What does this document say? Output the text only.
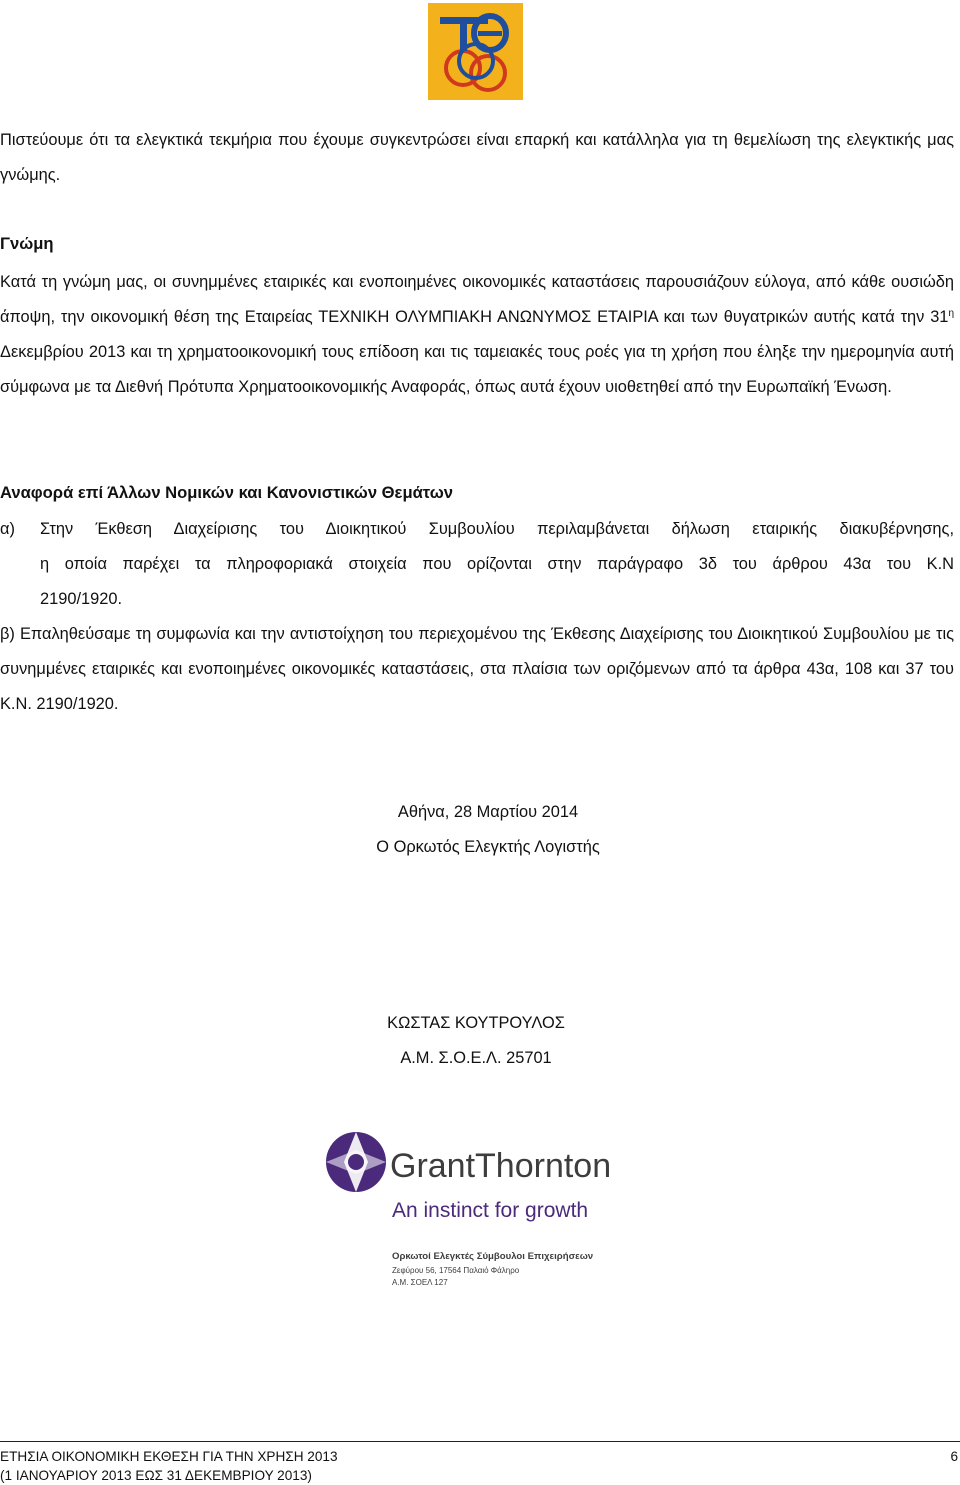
Πιστεύουμε ότι τα ελεγκτικά τεκμήρια που έχουμε συγκεντρώσει είναι επαρκή και κατάλληλα για τη θεμελίωση της ελεγκτικής μας γνώμης.
Γνώμη
Κατά τη γνώμη μας, οι συνημμένες εταιρικές και ενοποιημένες οικονομικές καταστάσεις παρουσιάζουν εύλογα, από κάθε ουσιώδη άποψη, την οικονομική θέση της Εταιρείας ΤΕΧΝΙΚΗ ΟΛΥΜΠΙΑΚΗ ΑΝΩΝΥΜΟΣ ΕΤΑΙΡΙΑ και των θυγατρικών αυτής κατά την $31^\eta$ Δεκεμβρίου 2013 και τη χρηματοοικονομική τους επίδοση και τις ταμειακές τους ροές για τη χρήση που έληξε την ημερομηνία αυτή σύμφωνα με τα Διεθνή Πρότυπα Χρηματοοικονομικής Αναφοράς, όπως αυτά έχουν υιοθετηθεί από την Ευρωπαϊκή Ένωση.
Αναφορά επί Άλλων Νομικών και Κανονιστικών Θεμάτων
α) Στην Έκθεση Διαχείρισης του Διοικητικού Συμβουλίου περιλαμβάνεται δήλωση εταιρικής διακυβέρνησης,
η οποία παρέχει τα πληροφοριακά στοιχεία που ορίζονται στην παράγραφο 3δ του άρθρου 43α του Κ.Ν
2190/1920.
β) Επαληθεύσαμε τη συμφωνία και την αντιστοίχηση του περιεχομένου της Έκθεσης Διαχείρισης του Διοικητικού Συμβουλίου με τις συνημμένες εταιρικές και ενοποιημένες οικονομικές καταστάσεις, στα πλαίσια των οριζόμενων από τα άρθρα 43α, 108 και 37 του Κ.Ν. 2190/1920.
Αθήνα, 28 Μαρτίου 2014
Ο Ορκωτός Ελεγκτής Λογιστής
ΚΩΣΤΑΣ ΚΟΥΤΡΟΥΛΟΣ
Α.Μ. Σ.Ο.Ε.Λ. 25701
GrantThornton
An instinct for growth
Ορκωτοί Ελεγκτές Σύμβουλοι Επιχειρήσεων
Ζεφύρου 56, 17564 Παλαιό Φάληρο
Α.Μ. ΣΟΕΛ 127
ΕΤΗΣΙΑ ΟΙΚΟΝΟΜΙΚΗ ΕΚΘΕΣΗ ΓΙΑ ΤΗΝ ΧΡΗΣΗ 2013
(1 ΙΑΝΟΥΑΡΙΟΥ 2013 ΕΩΣ 31 ΔΕΚΕΜΒΡΙΟΥ 2013)
6
